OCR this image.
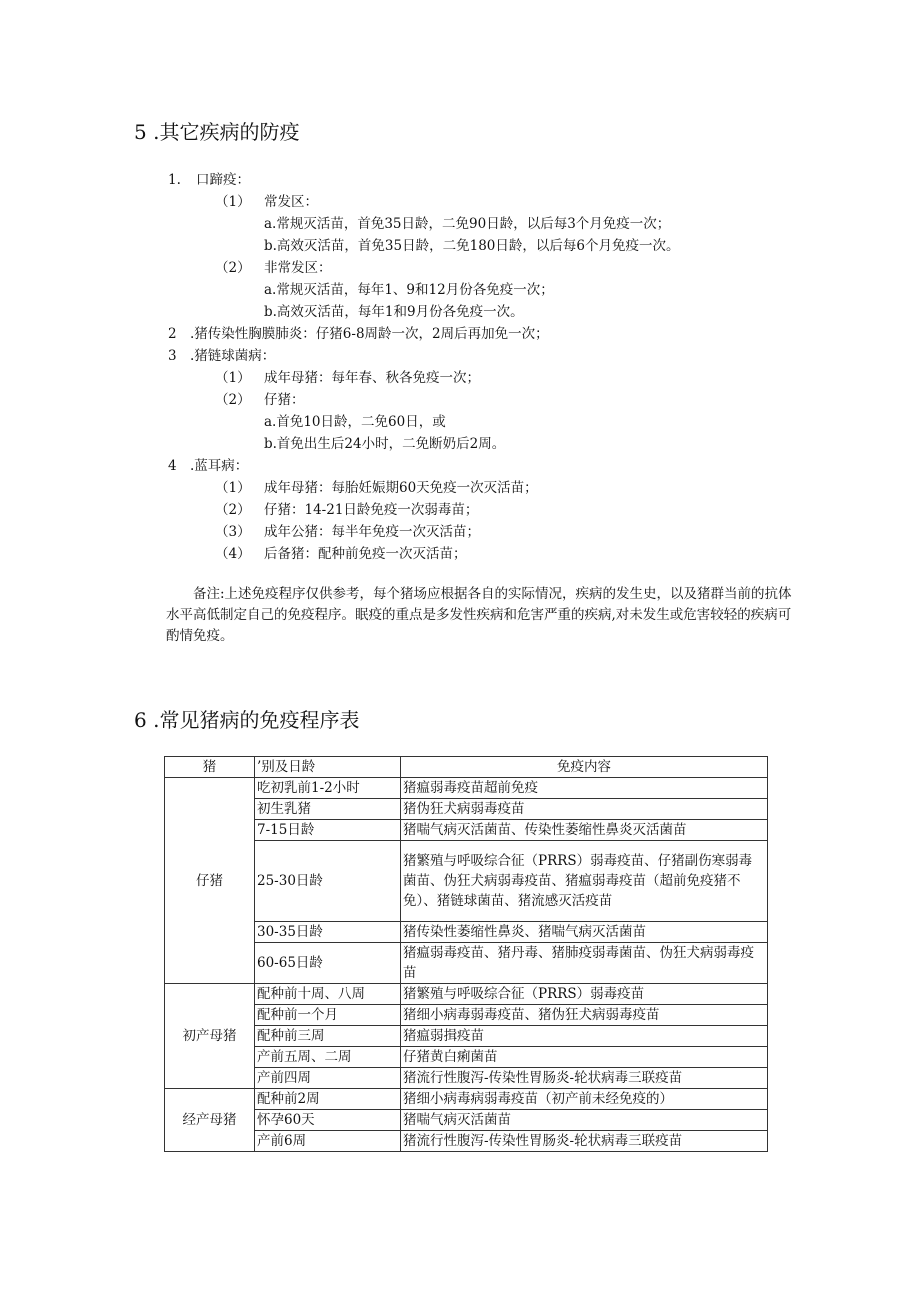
5 .其它疾病的防疫
1. 口蹄疫：
（1） 常发区：
a.常规灭活苗，首免35日龄，二免90日龄，以后每3个月免疫一次；
b.高效灭活苗，首免35日龄，二免180日龄，以后每6个月免疫一次。
（2） 非常发区：
a.常规灭活苗，每年1、9和12月份各免疫一次；
b.高效灭活苗，每年1和9月份各免疫一次。
2 .猪传染性胸膜肺炎：仔猪6-8周龄一次，2周后再加免一次；
3 .猪链球菌病：
（1） 成年母猪：每年春、秋各免疫一次；
（2） 仔猪：
a.首免10日龄，二免60日，或
b.首免出生后24小时，二免断奶后2周。
4 .蓝耳病：
（1） 成年母猪：每胎妊娠期60天免疫一次灭活苗；
（2） 仔猪：14-21日龄免疫一次弱毒苗；
（3） 成年公猪：每半年免疫一次灭活苗；
（4） 后备猪：配种前免疫一次灭活苗；
备注:上述免疫程序仅供参考，每个猪场应根据各自的实际情况，疾病的发生史，以及猪群当前的抗体水平高低制定自己的免疫程序。眠疫的重点是多发性疾病和危害严重的疾病,对未发生或危害较轻的疾病可酌情免疫。
6 .常见猪病的免疫程序表
猪	’别及日龄	免疫内容
仔猪	吃初乳前1-2小时	猪瘟弱毒疫苗超前免疫
	初生乳猪	猪伪狂犬病弱毒疫苗
	7-15日龄	猪喘气病灭活菌苗、传染性萎缩性鼻炎灭活菌苗
	25-30日龄	猪繁殖与呼吸综合征（PRRS）弱毒疫苗、仔猪副伤寒弱毒菌苗、伪狂犬病弱毒疫苗、猪瘟弱毒疫苗（超前免疫猪不免）、猪链球菌苗、猪流感灭活疫苗
	30-35日龄	猪传染性萎缩性鼻炎、猪喘气病灭活菌苗
	60-65日龄	猪瘟弱毒疫苗、猪丹毒、猪肺疫弱毒菌苗、伪狂犬病弱毒疫苗
初产母猪	配种前十周、八周	猪繁殖与呼吸综合征（PRRS）弱毒疫苗
	配种前一个月	猪细小病毒弱毒疫苗、猪伪狂犬病弱毒疫苗
	配种前三周	猪瘟弱揖疫苗
	产前五周、二周	仔猪黄白痢菌苗
	产前四周	猪流行性腹泻-传染性胃肠炎-轮状病毒三联疫苗
经产母猪	配种前2周	猪细小病毒病弱毒疫苗（初产前未经免疫的）
	怀孕60天	猪喘气病灭活菌苗
	产前6周	猪流行性腹泻-传染性胃肠炎-轮状病毒三联疫苗
